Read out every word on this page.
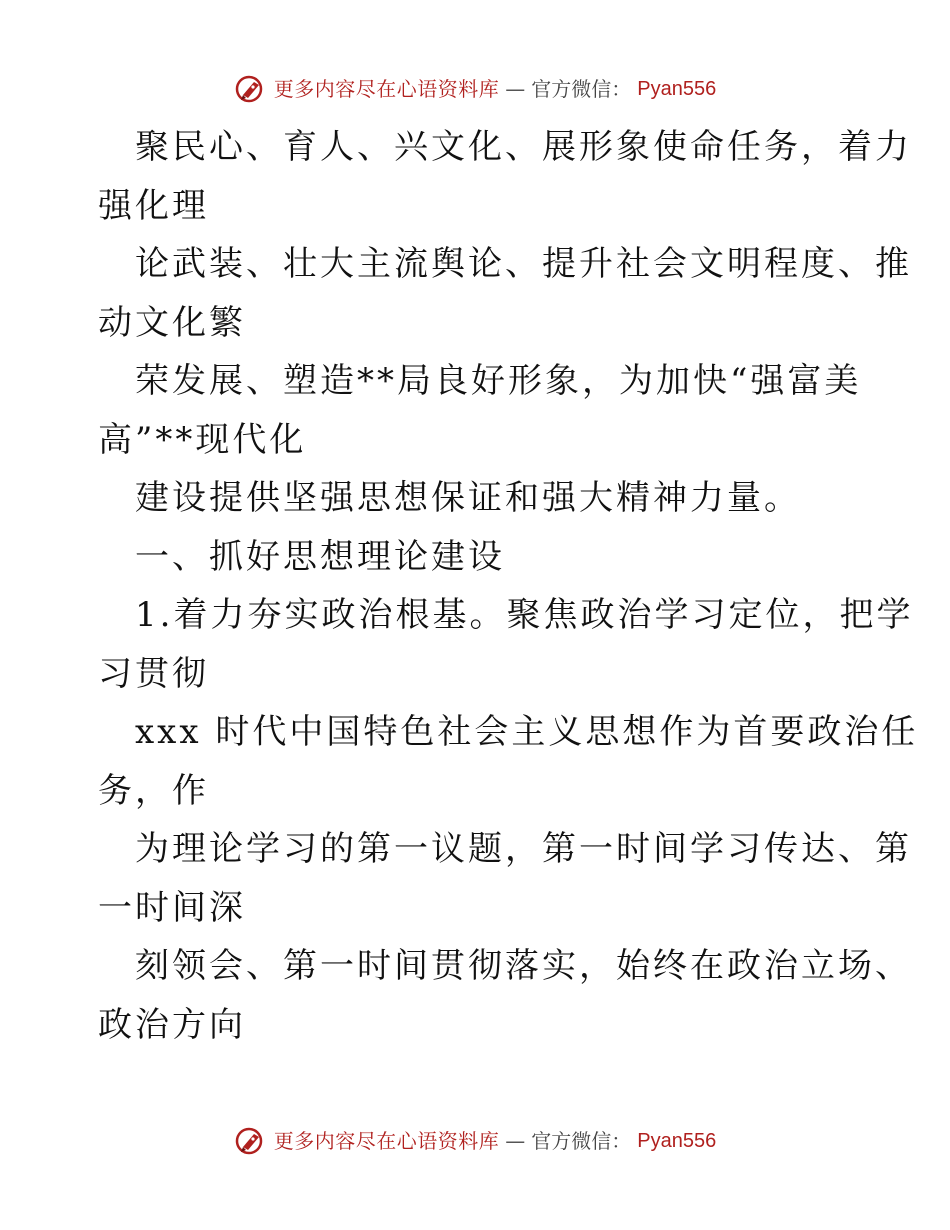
更多内容尽在心语资料库 — 官方微信： Pyan556
聚民心、育人、兴文化、展形象使命任务，着力
强化理
论武装、壮大主流舆论、提升社会文明程度、推
动文化繁
荣发展、塑造**局良好形象，为加快“强富美
高”**现代化
建设提供坚强思想保证和强大精神力量。
一、抓好思想理论建设
1.着力夯实政治根基。聚焦政治学习定位，把学
习贯彻
xxx 时代中国特色社会主义思想作为首要政治任
务，作
为理论学习的第一议题，第一时间学习传达、第
一时间深
刻领会、第一时间贯彻落实，始终在政治立场、
政治方向
更多内容尽在心语资料库 — 官方微信： Pyan556
